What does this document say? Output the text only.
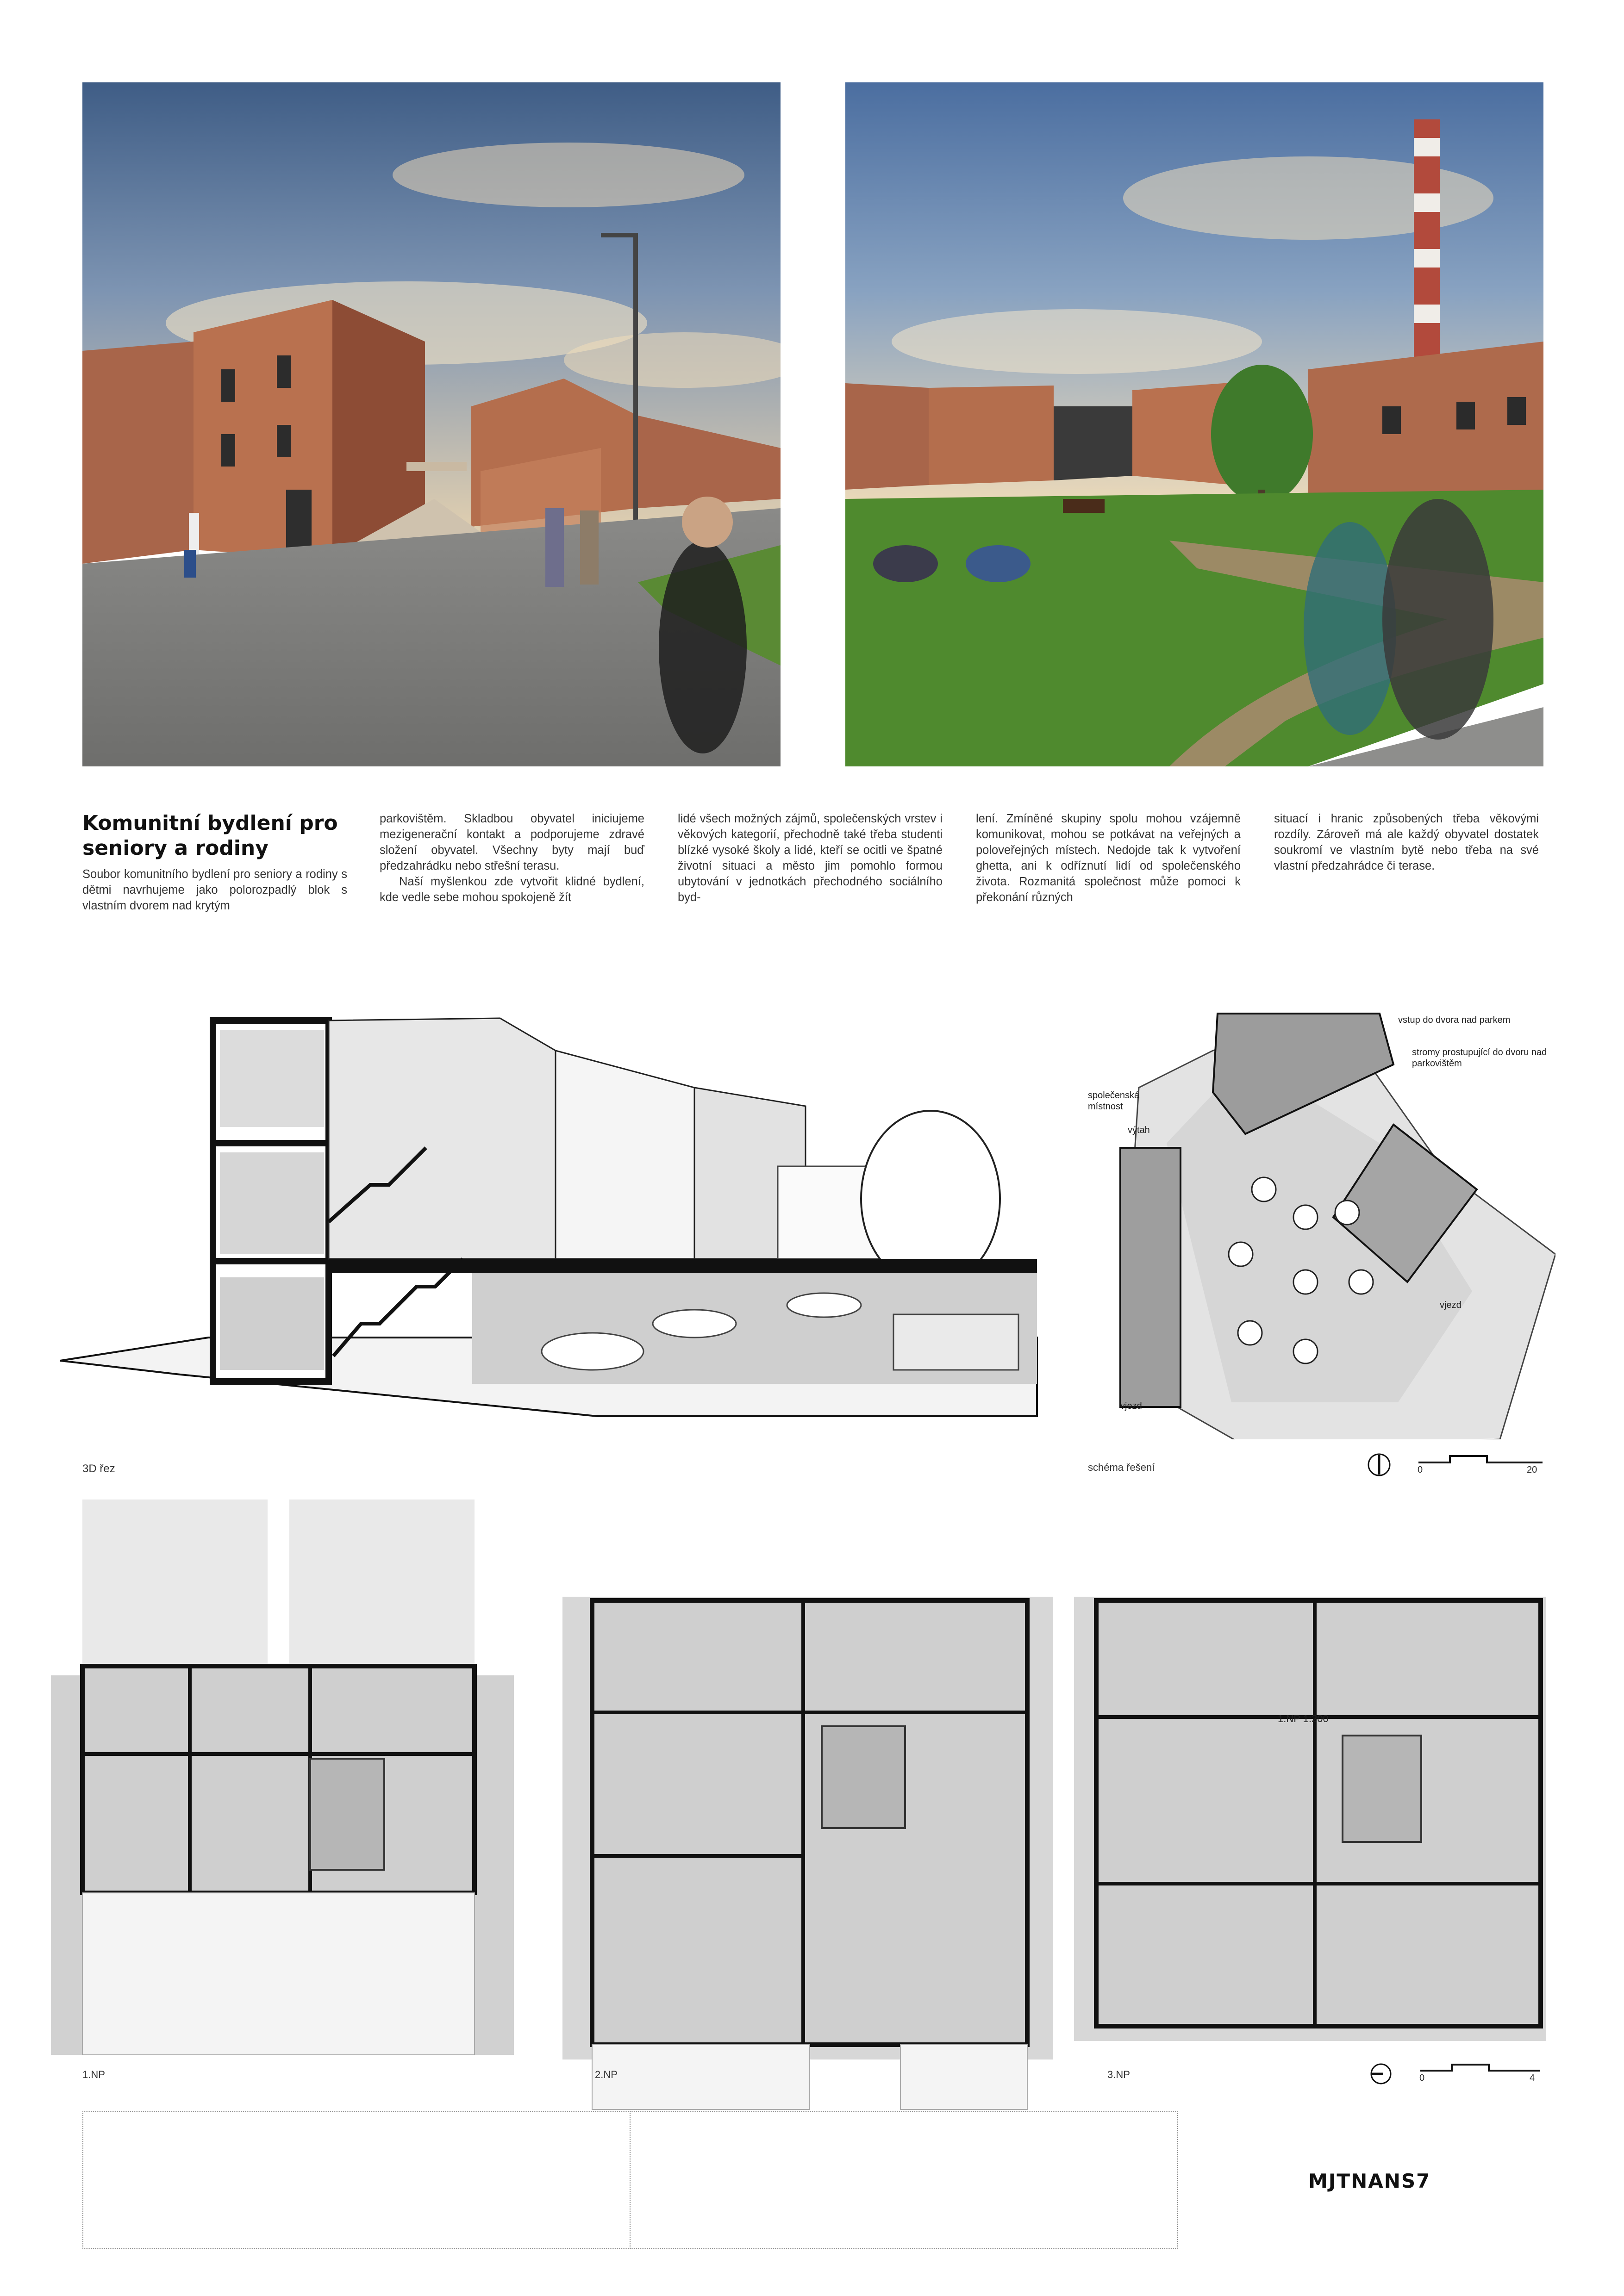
Komunitní bydlení pro seniory a rodiny

Soubor komunitního bydlení pro seniory a rodiny s dětmi navrhujeme jako polorozpadlý blok s vlastním dvorem nad krytým

parkovištěm. Skladbou obyvatel iniciujeme mezigenerační kontakt a podporujeme zdravé složení obyvatel. Všechny byty mají buď předzahrádku nebo střešní terasu.

Naší myšlenkou zde vytvořit klidné bydlení, kde vedle sebe mohou spokojeně žít

lidé všech možných zájmů, společenských vrstev i věkových kategorií, přechodně také třeba studenti blízké vysoké školy a lidé, kteří se ocitli ve špatné životní situaci a město jim pomohlo formou ubytování v jednotkách přechodného sociálního byd-

lení. Zmíněné skupiny spolu mohou vzájemně komunikovat, mohou se potkávat na veřejných a poloveřejných místech. Nedojde tak k vytvoření ghetta, ani k odříznutí lidí od společenského života. Rozmanitá společnost může pomoci k překonání různých

situací i hranic způsobených třeba věkovými rozdíly. Zároveň má ale každý obyvatel dostatek soukromí ve vlastním bytě nebo třeba na své vlastní předzahrádce či terase.

3D řez
vstup do dvora nad parkem
stromy prostupující do dvoru nad parkovištěm
společenská místnost
výtah
vjezd
vjezd
schéma řešení	0	20
1.NP 1:200
1.NP	2.NP	3.NP	0	4
MJTNANS7
